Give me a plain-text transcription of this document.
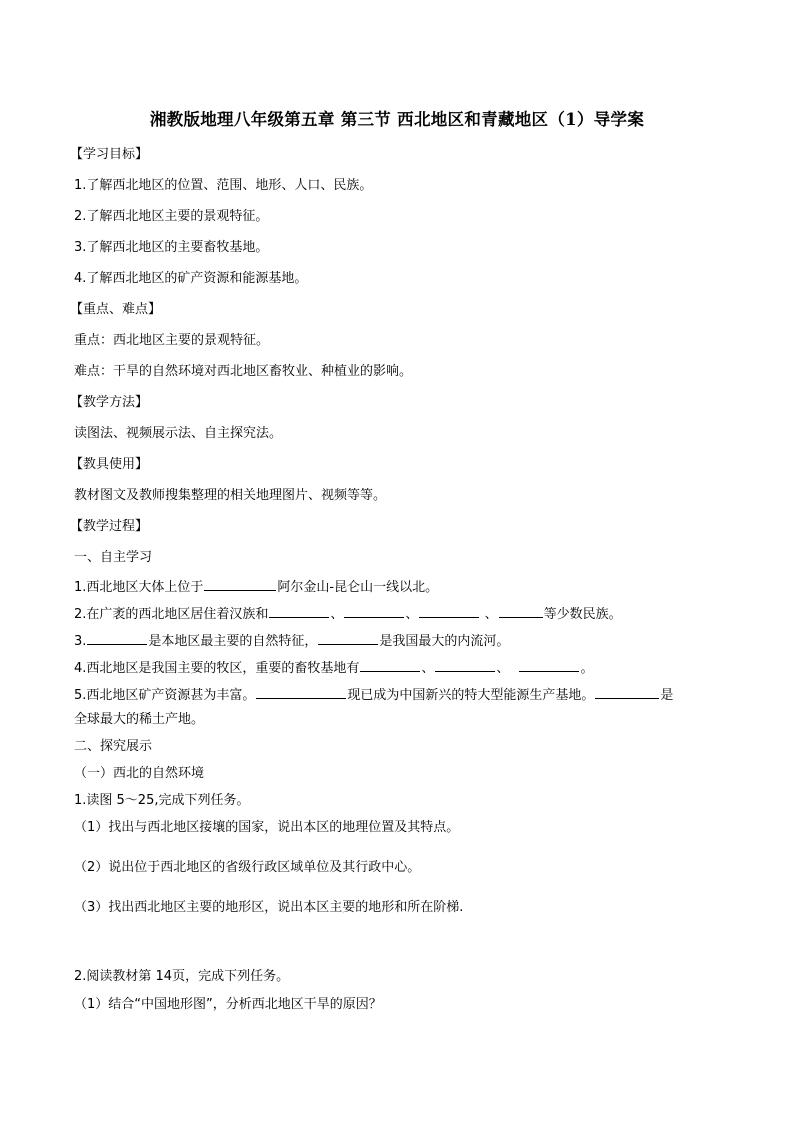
湘教版地理八年级第五章 第三节 西北地区和青藏地区（1）导学案
【学习目标】
1.了解西北地区的位置、范围、地形、人口、民族。
2.了解西北地区主要的景观特征。
3.了解西北地区的主要畜牧基地。
4.了解西北地区的矿产资源和能源基地。
【重点、难点】
重点：西北地区主要的景观特征。
难点：干旱的自然环境对西北地区畜牧业、种植业的影响。
【教学方法】
读图法、视频展示法、自主探究法。
【教具使用】
教材图文及教师搜集整理的相关地理图片、视频等等。
【教学过程】
一、自主学习
1.西北地区大体上位于	阿尔金山-昆仑山一线以北。
2.在广袤的西北地区居住着汉族和	、	、	、	等少数民族。
3.	是本地区最主要的自然特征，	是我国最大的内流河。
4.西北地区是我国主要的牧区，重要的畜牧基地有	、	、	。
5.西北地区矿产资源甚为丰富。	现已成为中国新兴的特大型能源生产基地。	是
全球最大的稀土产地。
二、探究展示
（一）西北的自然环境
1.读图 5～25,完成下列任务。
（1）找出与西北地区接壤的国家，说出本区的地理位置及其特点。
（2）说出位于西北地区的省级行政区域单位及其行政中心。
（3）找出西北地区主要的地形区，说出本区主要的地形和所在阶梯.
2.阅读教材第 14页，完成下列任务。
（1）结合“中国地形图”，分析西北地区干旱的原因？
